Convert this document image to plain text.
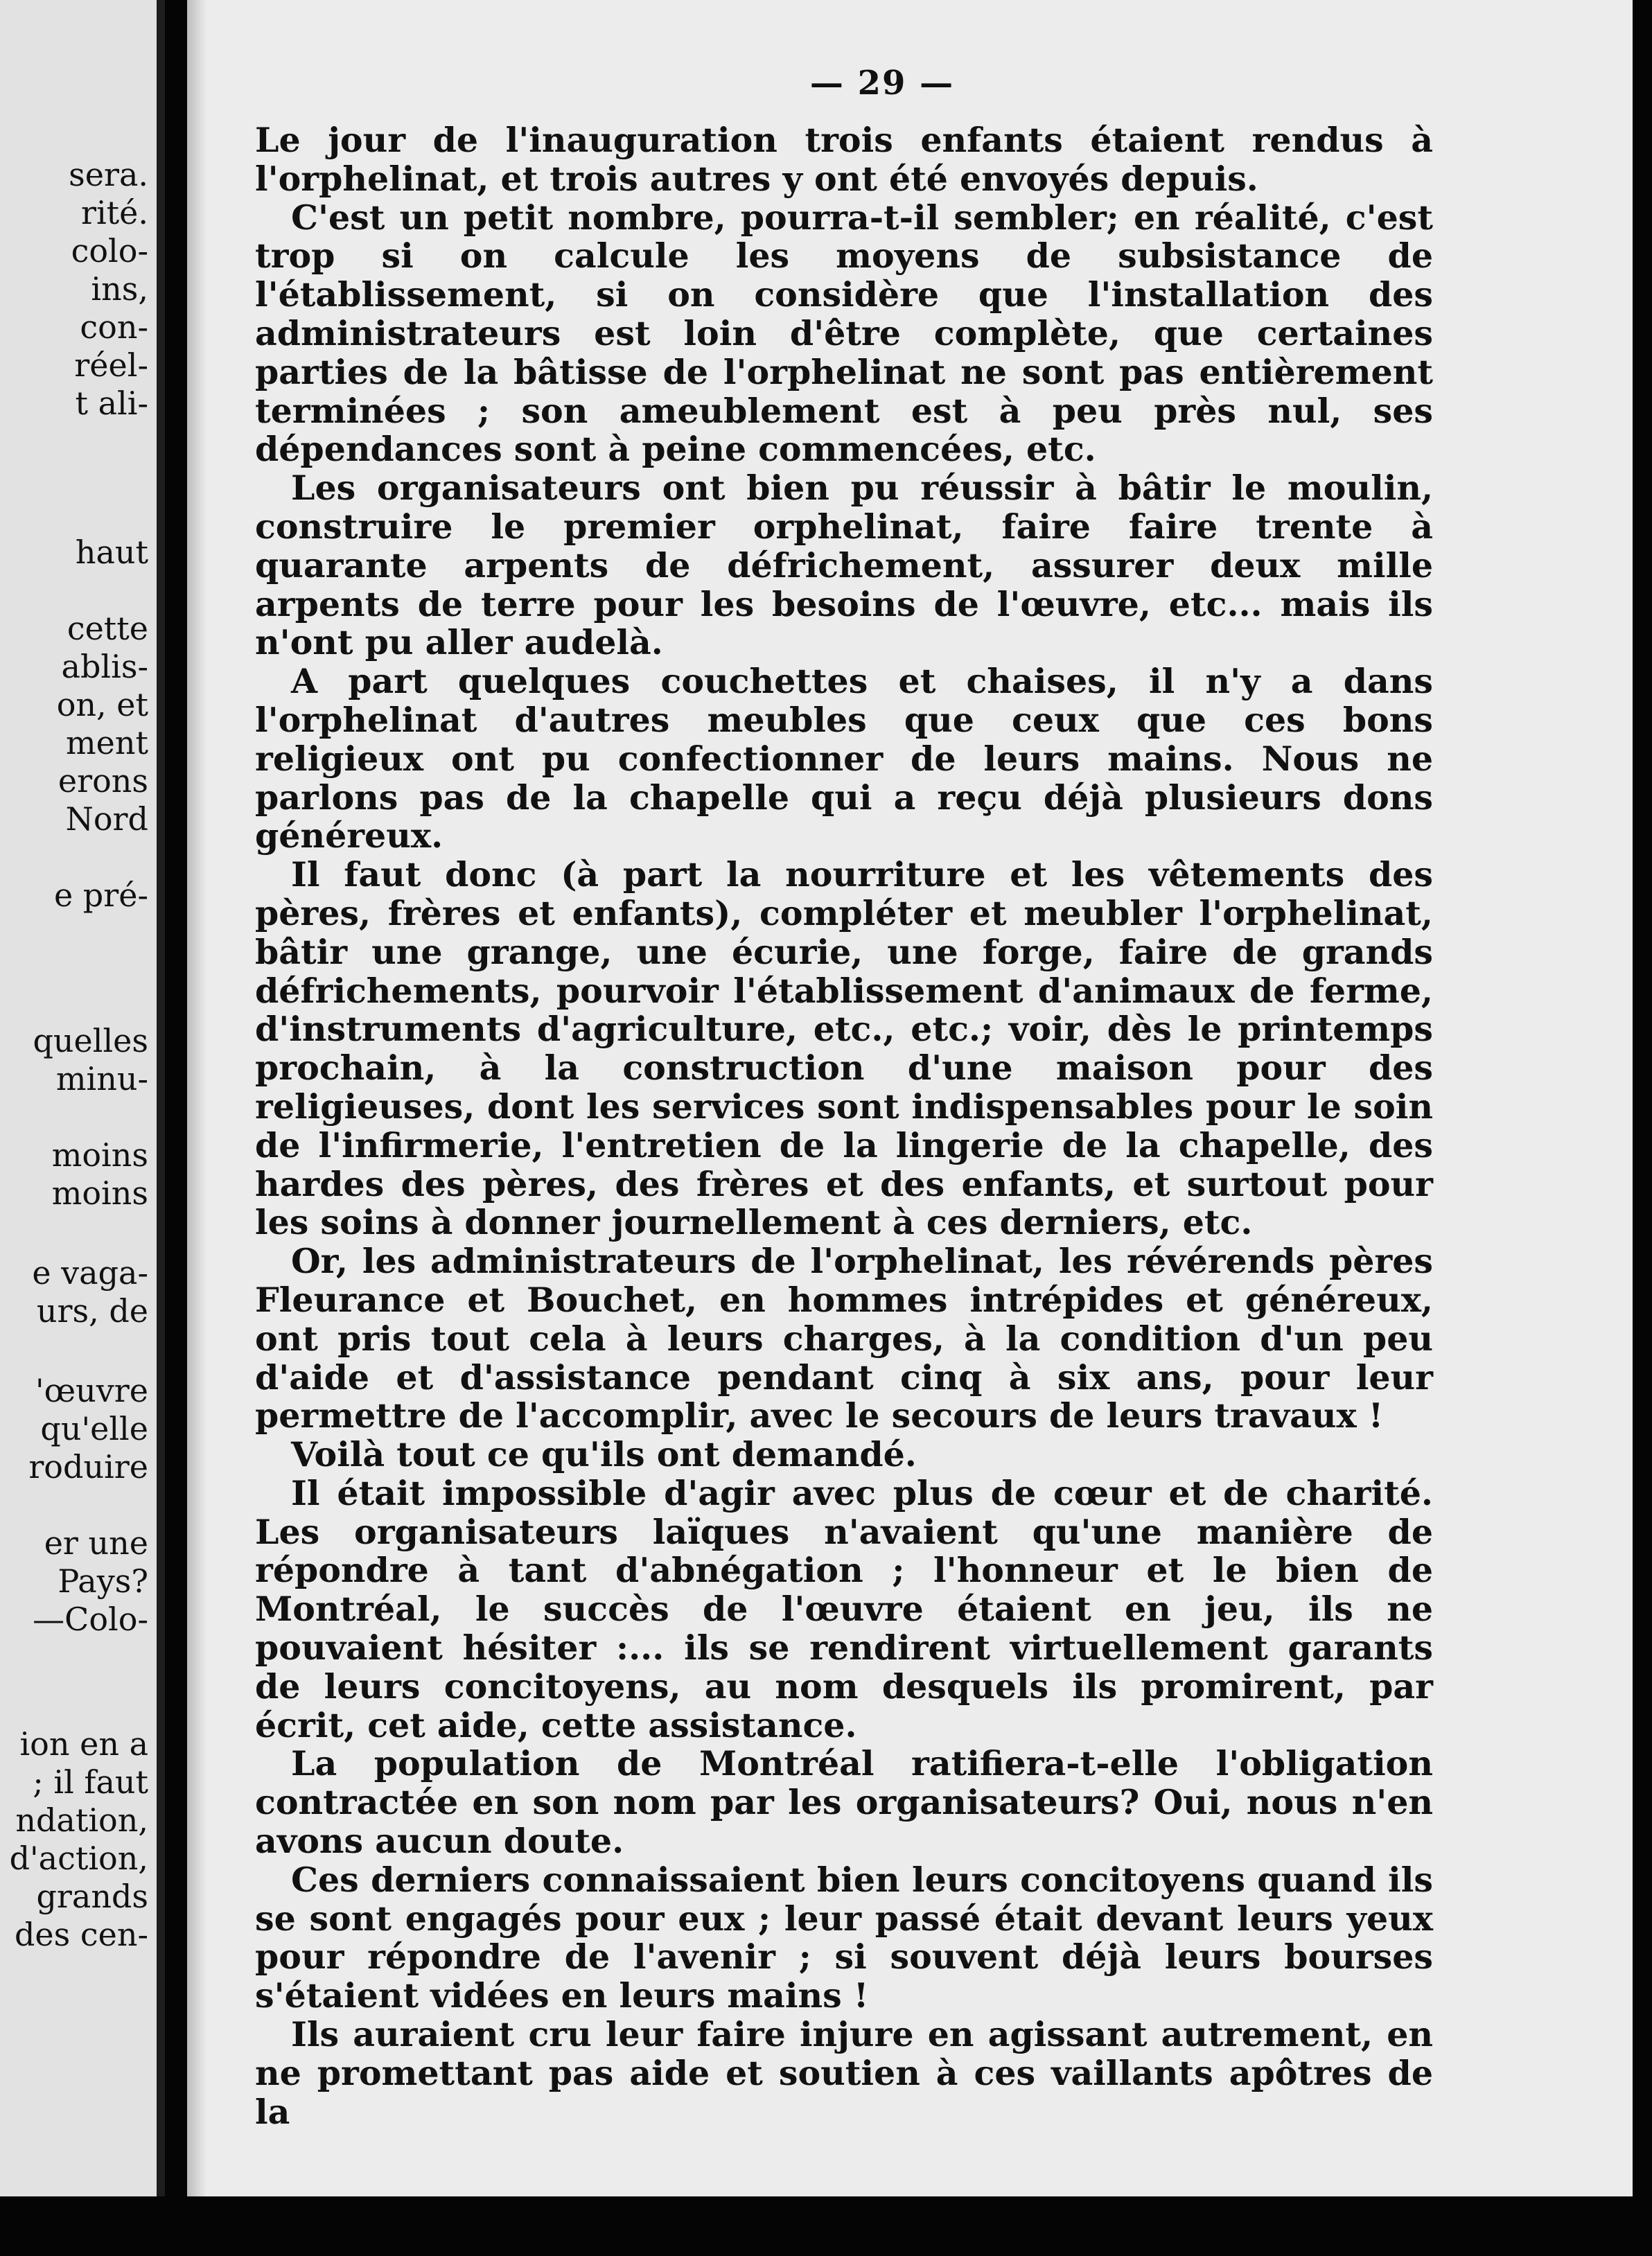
sera.
rité.
colo-
ins,
con-
réel-
t ali-
haut
cette
ablis-
on, et
ment
erons
Nord
e pré-
quelles
minu-
moins
moins
e vaga-
urs, de
'œuvre
qu'elle
roduire
er une
Pays?
—Colo-
ion en a
; il faut
ndation,
d'action,
grands
des cen-
— 29 —

Le jour de l'inauguration trois enfants étaient rendus à l'orphelinat, et trois autres y ont été envoyés depuis.

C'est un petit nombre, pourra-t-il sembler; en réalité, c'est trop si on calcule les moyens de subsistance de l'établissement, si on considère que l'installation des administrateurs est loin d'être complète, que certaines parties de la bâtisse de l'orphelinat ne sont pas entièrement terminées ; son ameublement est à peu près nul, ses dépendances sont à peine commencées, etc.

Les organisateurs ont bien pu réussir à bâtir le moulin, construire le premier orphelinat, faire faire trente à quarante arpents de défrichement, assurer deux mille arpents de terre pour les besoins de l'œuvre, etc... mais ils n'ont pu aller audelà.

A part quelques couchettes et chaises, il n'y a dans l'orphelinat d'autres meubles que ceux que ces bons religieux ont pu confectionner de leurs mains. Nous ne parlons pas de la chapelle qui a reçu déjà plusieurs dons généreux.

Il faut donc (à part la nourriture et les vêtements des pères, frères et enfants), compléter et meubler l'orphelinat, bâtir une grange, une écurie, une forge, faire de grands défrichements, pourvoir l'établissement d'animaux de ferme, d'instruments d'agriculture, etc., etc.; voir, dès le printemps prochain, à la construction d'une maison pour des religieuses, dont les services sont indispensables pour le soin de l'infirmerie, l'entretien de la lingerie de la chapelle, des hardes des pères, des frères et des enfants, et surtout pour les soins à donner journellement à ces derniers, etc.

Or, les administrateurs de l'orphelinat, les révérends pères Fleurance et Bouchet, en hommes intrépides et généreux, ont pris tout cela à leurs charges, à la condition d'un peu d'aide et d'assistance pendant cinq à six ans, pour leur permettre de l'accomplir, avec le secours de leurs travaux !

Voilà tout ce qu'ils ont demandé.

Il était impossible d'agir avec plus de cœur et de charité. Les organisateurs laïques n'avaient qu'une manière de répondre à tant d'abnégation ; l'honneur et le bien de Montréal, le succès de l'œuvre étaient en jeu, ils ne pouvaient hésiter :... ils se rendirent virtuellement garants de leurs concitoyens, au nom desquels ils promirent, par écrit, cet aide, cette assistance.

La population de Montréal ratifiera-t-elle l'obligation contractée en son nom par les organisateurs? Oui, nous n'en avons aucun doute.

Ces derniers connaissaient bien leurs concitoyens quand ils se sont engagés pour eux ; leur passé était devant leurs yeux pour répondre de l'avenir ; si souvent déjà leurs bourses s'étaient vidées en leurs mains !

Ils auraient cru leur faire injure en agissant autrement, en ne promettant pas aide et soutien à ces vaillants apôtres de la
